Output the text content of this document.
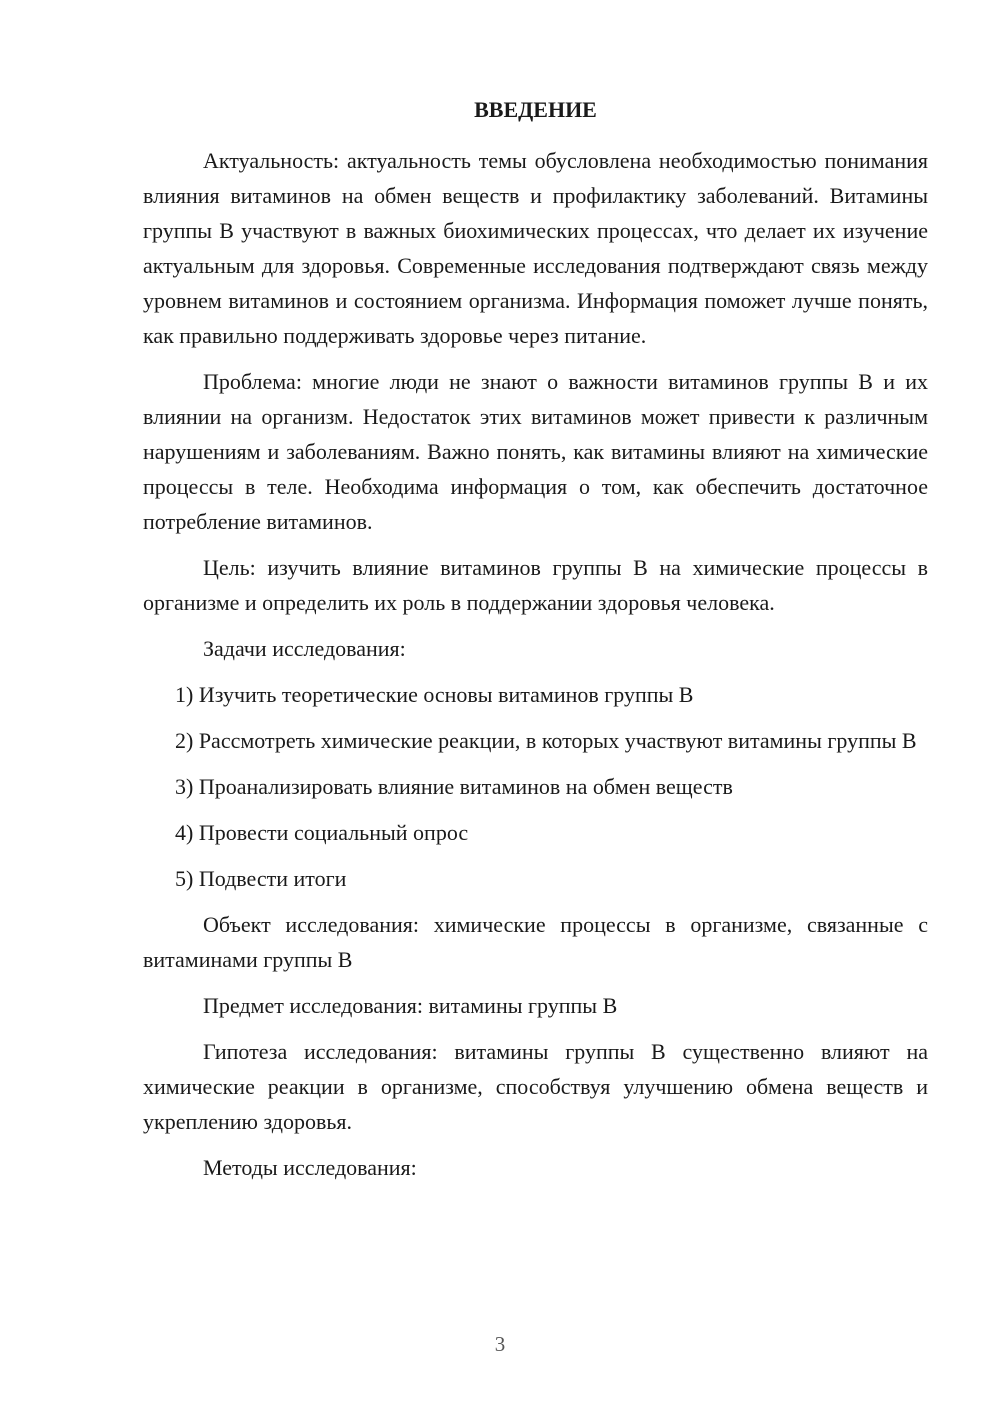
ВВЕДЕНИЕ

Актуальность: актуальность темы обусловлена необходимостью понимания влияния витаминов на обмен веществ и профилактику заболеваний. Витамины группы B участвуют в важных биохимических процессах, что делает их изучение актуальным для здоровья. Современные исследования подтверждают связь между уровнем витаминов и состоянием организма. Информация поможет лучше понять, как правильно поддерживать здоровье через питание.

Проблема: многие люди не знают о важности витаминов группы B и их влиянии на организм. Недостаток этих витаминов может привести к различным нарушениям и заболеваниям. Важно понять, как витамины влияют на химические процессы в теле. Необходима информация о том, как обеспечить достаточное потребление витаминов.

Цель: изучить влияние витаминов группы B на химические процессы в организме и определить их роль в поддержании здоровья человека.

Задачи исследования:

1) Изучить теоретические основы витаминов группы B

2) Рассмотреть химические реакции, в которых участвуют витамины группы B

3) Проанализировать влияние витаминов на обмен веществ

4) Провести социальный опрос

5) Подвести итоги

Объект исследования: химические процессы в организме, связанные с витаминами группы B

Предмет исследования: витамины группы B

Гипотеза исследования: витамины группы B существенно влияют на химические реакции в организме, способствуя улучшению обмена веществ и укреплению здоровья.

Методы исследования:

3
